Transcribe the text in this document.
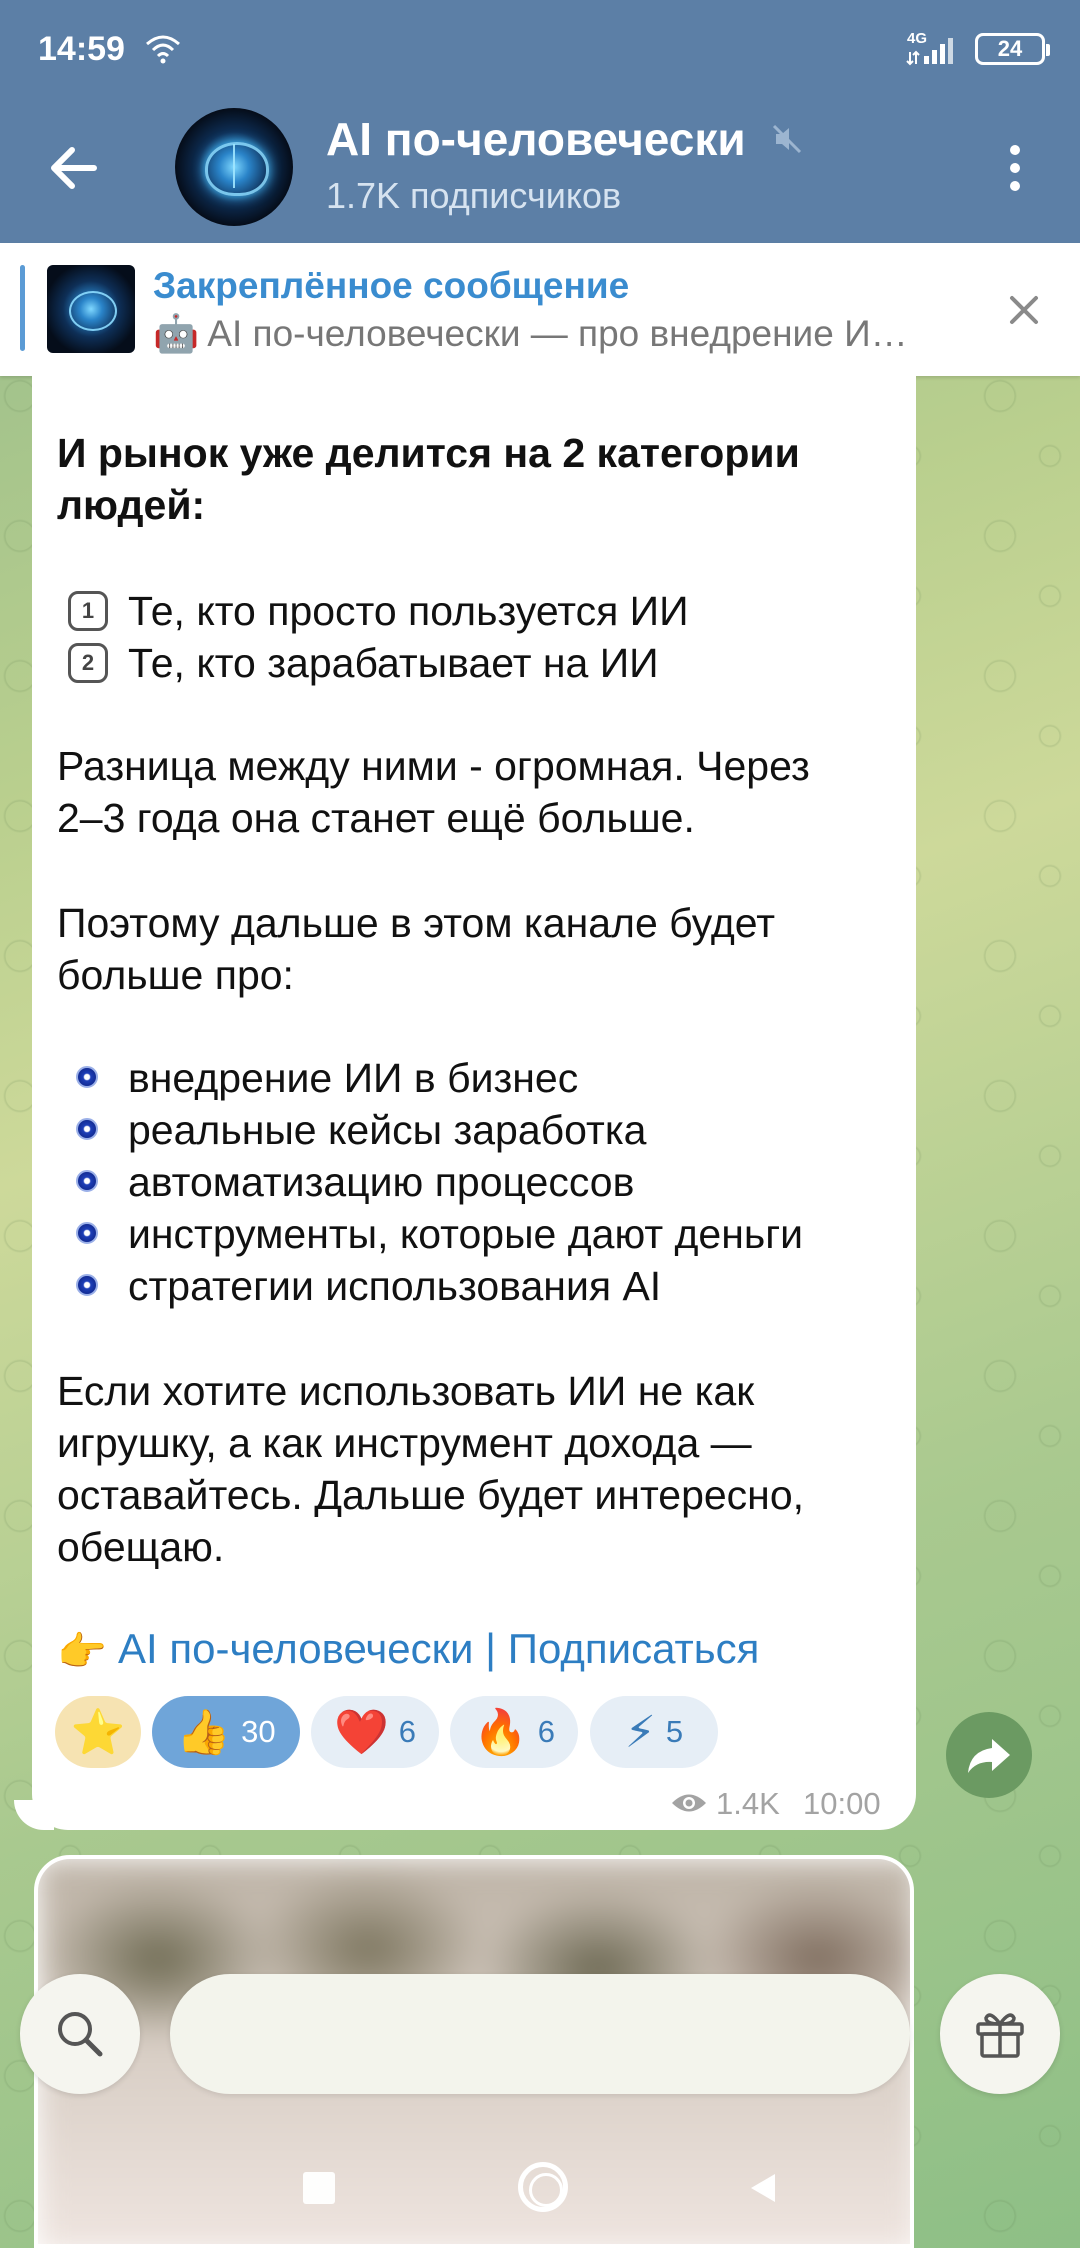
14:59	4G	24
AI по-человечески
1.7K подписчиков
Закреплённое сообщение
🤖 AI по-человечески — про внедрение И…
И рынок уже делится на 2 категории
людей:
1 Те, кто просто пользуется ИИ
2 Те, кто зарабатывает на ИИ
Разница между ними - огромная. Через
2–3 года она станет ещё больше.
Поэтому дальше в этом канале будет
больше про:
внедрение ИИ в бизнес
реальные кейсы заработка
автоматизацию процессов
инструменты, которые дают деньги
стратегии использования AI
Если хотите использовать ИИ не как
игрушку, а как инструмент дохода —
оставайтесь. Дальше будет интересно,
обещаю.
👉 AI по-человечески | Подписаться
⭐ 👍 30 ❤️ 6 🔥 6 ⚡ 5
1.4K 10:00
